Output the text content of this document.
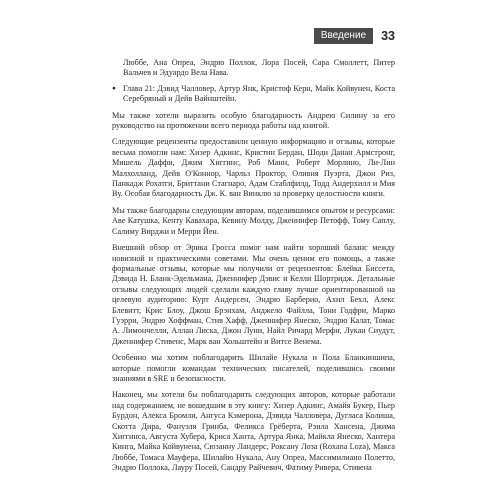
Введение	33

Люббе, Ана Опреа, Эндрю Поллок, Лора Посей, Сара Смоллетт, Питер Вальчев и Эдуардо Вела Нава.

● Глава 21: Дэвид Чалловер, Артур Янк, Кристоф Керн, Майк Койвунен, Коста Серебряный и Дейв Вайнштейн.

Мы также хотели выразить особую благодарность Андрею Силину за его руководство на протяжении всего периода работы над книгой.

Следующие рецензенты предоставили ценную информацию и отзывы, которые весьма помогли нам: Хизер Адкинс, Кристин Бердан, Шоди Данан Армстронг, Мишель Даффи, Джим Хиггинс, Роб Манн, Роберт Морлино, Ли-Лин Малхолланд, Дейв О'Коннор, Чарльз Проктор, Оливия Пуэрта, Джон Риз, Панкадж Рохатги, Бриттани Стагнаро, Адам Стаблфилд, Тодд Андерхилл и Мия Ву. Особая благодарность Дж. К. ван Винклю за проверку целостности книги.

Мы также благодарны следующим авторам, поделившимся опытом и ресурсами: Аве Катушка, Кенту Кавахара, Кевину Молду, Дженнифер Петофф, Тому Саплу, Салиму Вирджи и Мерри Йен.

Внешний обзор от Эрика Гросса помог нам найти хороший баланс между новизной и практическими советами. Мы очень ценим его помощь, а также формальные отзывы, которые мы получили от рецензентов: Блейка Биссета, Дэвида Н. Бланк-Эдельмана, Дженнифер Дэвис и Келли Шортридж. Детальные отзывы следующих людей сделали каждую главу лучше ориентированной на целевую аудиторию: Курт Андерсен, Эндрю Барберио, Ахил Бехл, Алекс Блевитт, Крис Блоу, Джош Брэнхам, Анджело Файлла, Тони Годфри, Марко Гуэрри, Эндрю Хоффман, Стив Хафф, Дженнифер Янеско, Эндрю Калат, Томас А. Лимончелли, Аллан Лиска, Джон Луни, Найл Ричард Мерфи, Лукан Сиудут, Дженнифер Стивенс, Марк ван Хольштейн и Витсе Венема.

Особенно мы хотим поблагодарить Шилайе Нукала и Пола Бланкиншипа, которые помогли командам технических писателей, поделившись своими знаниями в SRE и безопасности.

Наконец, мы хотели бы поблагодарить следующих авторов, которые работали над содержанием, не вошедшим в эту книгу: Хизер Адкинс, Амайя Букер, Пьер Бурдон, Алекса Бромли, Ангуса Кэмерона, Дэвида Чалловера, Дугласа Колиша, Скотта Дира, Фануэля Гринба, Феликса Грёберта, Рэила Хансена, Джима Хиггинса, Августа Хубера, Криса Ханта, Артура Янка, Майкла Янеско, Хантера Кинга, Майка Койвунена, Сюзанну Ландерс, Роксану Лоза (Roxana Loza), Макса Люббе, Томаса Мауфера, Шилайю Нукала, Ану Опреа, Массимилиано Полетто, Эндрю Поллока, Лауру Посей, Сандру Райчевич, Фатиму Ривера, Стивена
